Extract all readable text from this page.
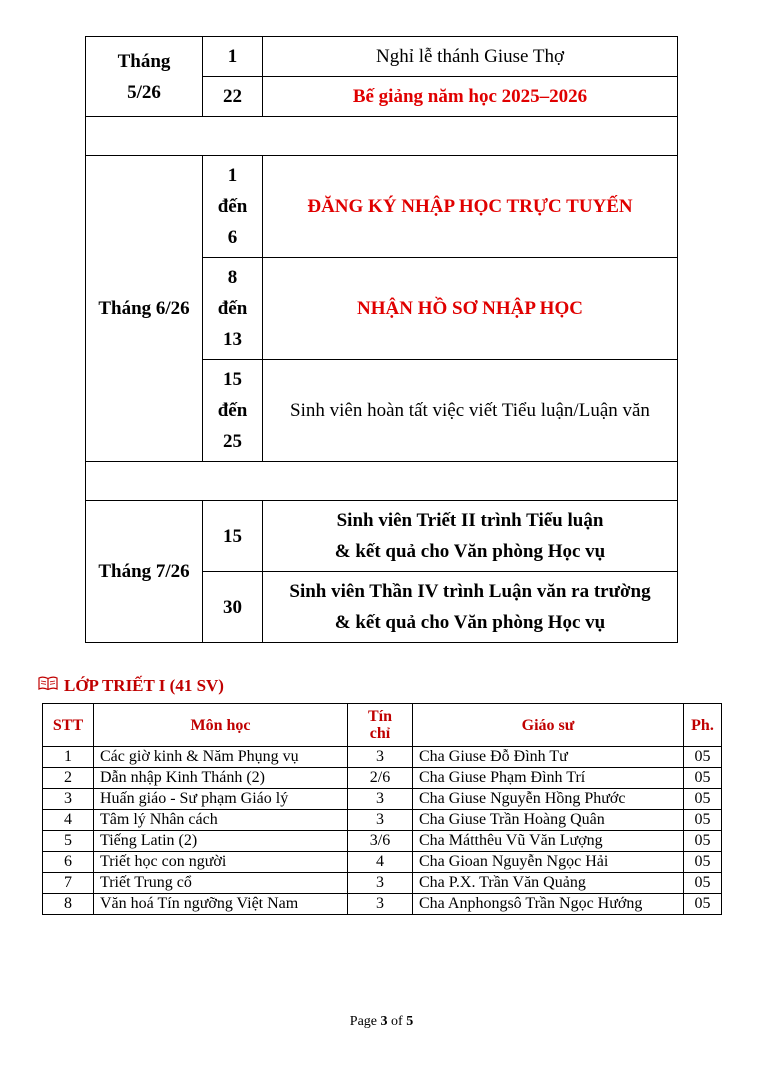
Tháng 5/26	1	Nghỉ lễ thánh Giuse Thợ
	22	Bế giảng năm học 2025–2026

Tháng 6/26	1
đến
6	ĐĂNG KÝ NHẬP HỌC TRỰC TUYẾN

	8
đến
13	NHẬN HỒ SƠ NHẬP HỌC

	15
đến
25	Sinh viên hoàn tất việc viết Tiểu luận/Luận văn

Tháng 7/26	15	Sinh viên Triết II trình Tiểu luận
& kết quả cho Văn phòng Học vụ

	30	Sinh viên Thần IV trình Luận văn ra trường
& kết quả cho Văn phòng Học vụ
LỚP TRIẾT I (41 SV)
STT	Môn học	Tín chỉ	Giáo sư	Ph.
1	Các giờ kinh & Năm Phụng vụ	3	Cha Giuse Đỗ Đình Tư	05
2	Dẫn nhập Kinh Thánh (2)	2/6	Cha Giuse Phạm Đình Trí	05
3	Huấn giáo - Sư phạm Giáo lý	3	Cha Giuse Nguyễn Hồng Phước	05
4	Tâm lý Nhân cách	3	Cha Giuse Trần Hoàng Quân	05
5	Tiếng Latin (2)	3/6	Cha Mátthêu Vũ Văn Lượng	05
6	Triết học con người	4	Cha Gioan Nguyễn Ngọc Hải	05
7	Triết Trung cổ	3	Cha P.X. Trần Văn Quảng	05
8	Văn hoá Tín ngưỡng Việt Nam	3	Cha Anphongsô Trần Ngọc Hướng	05
Page 3 of 5
